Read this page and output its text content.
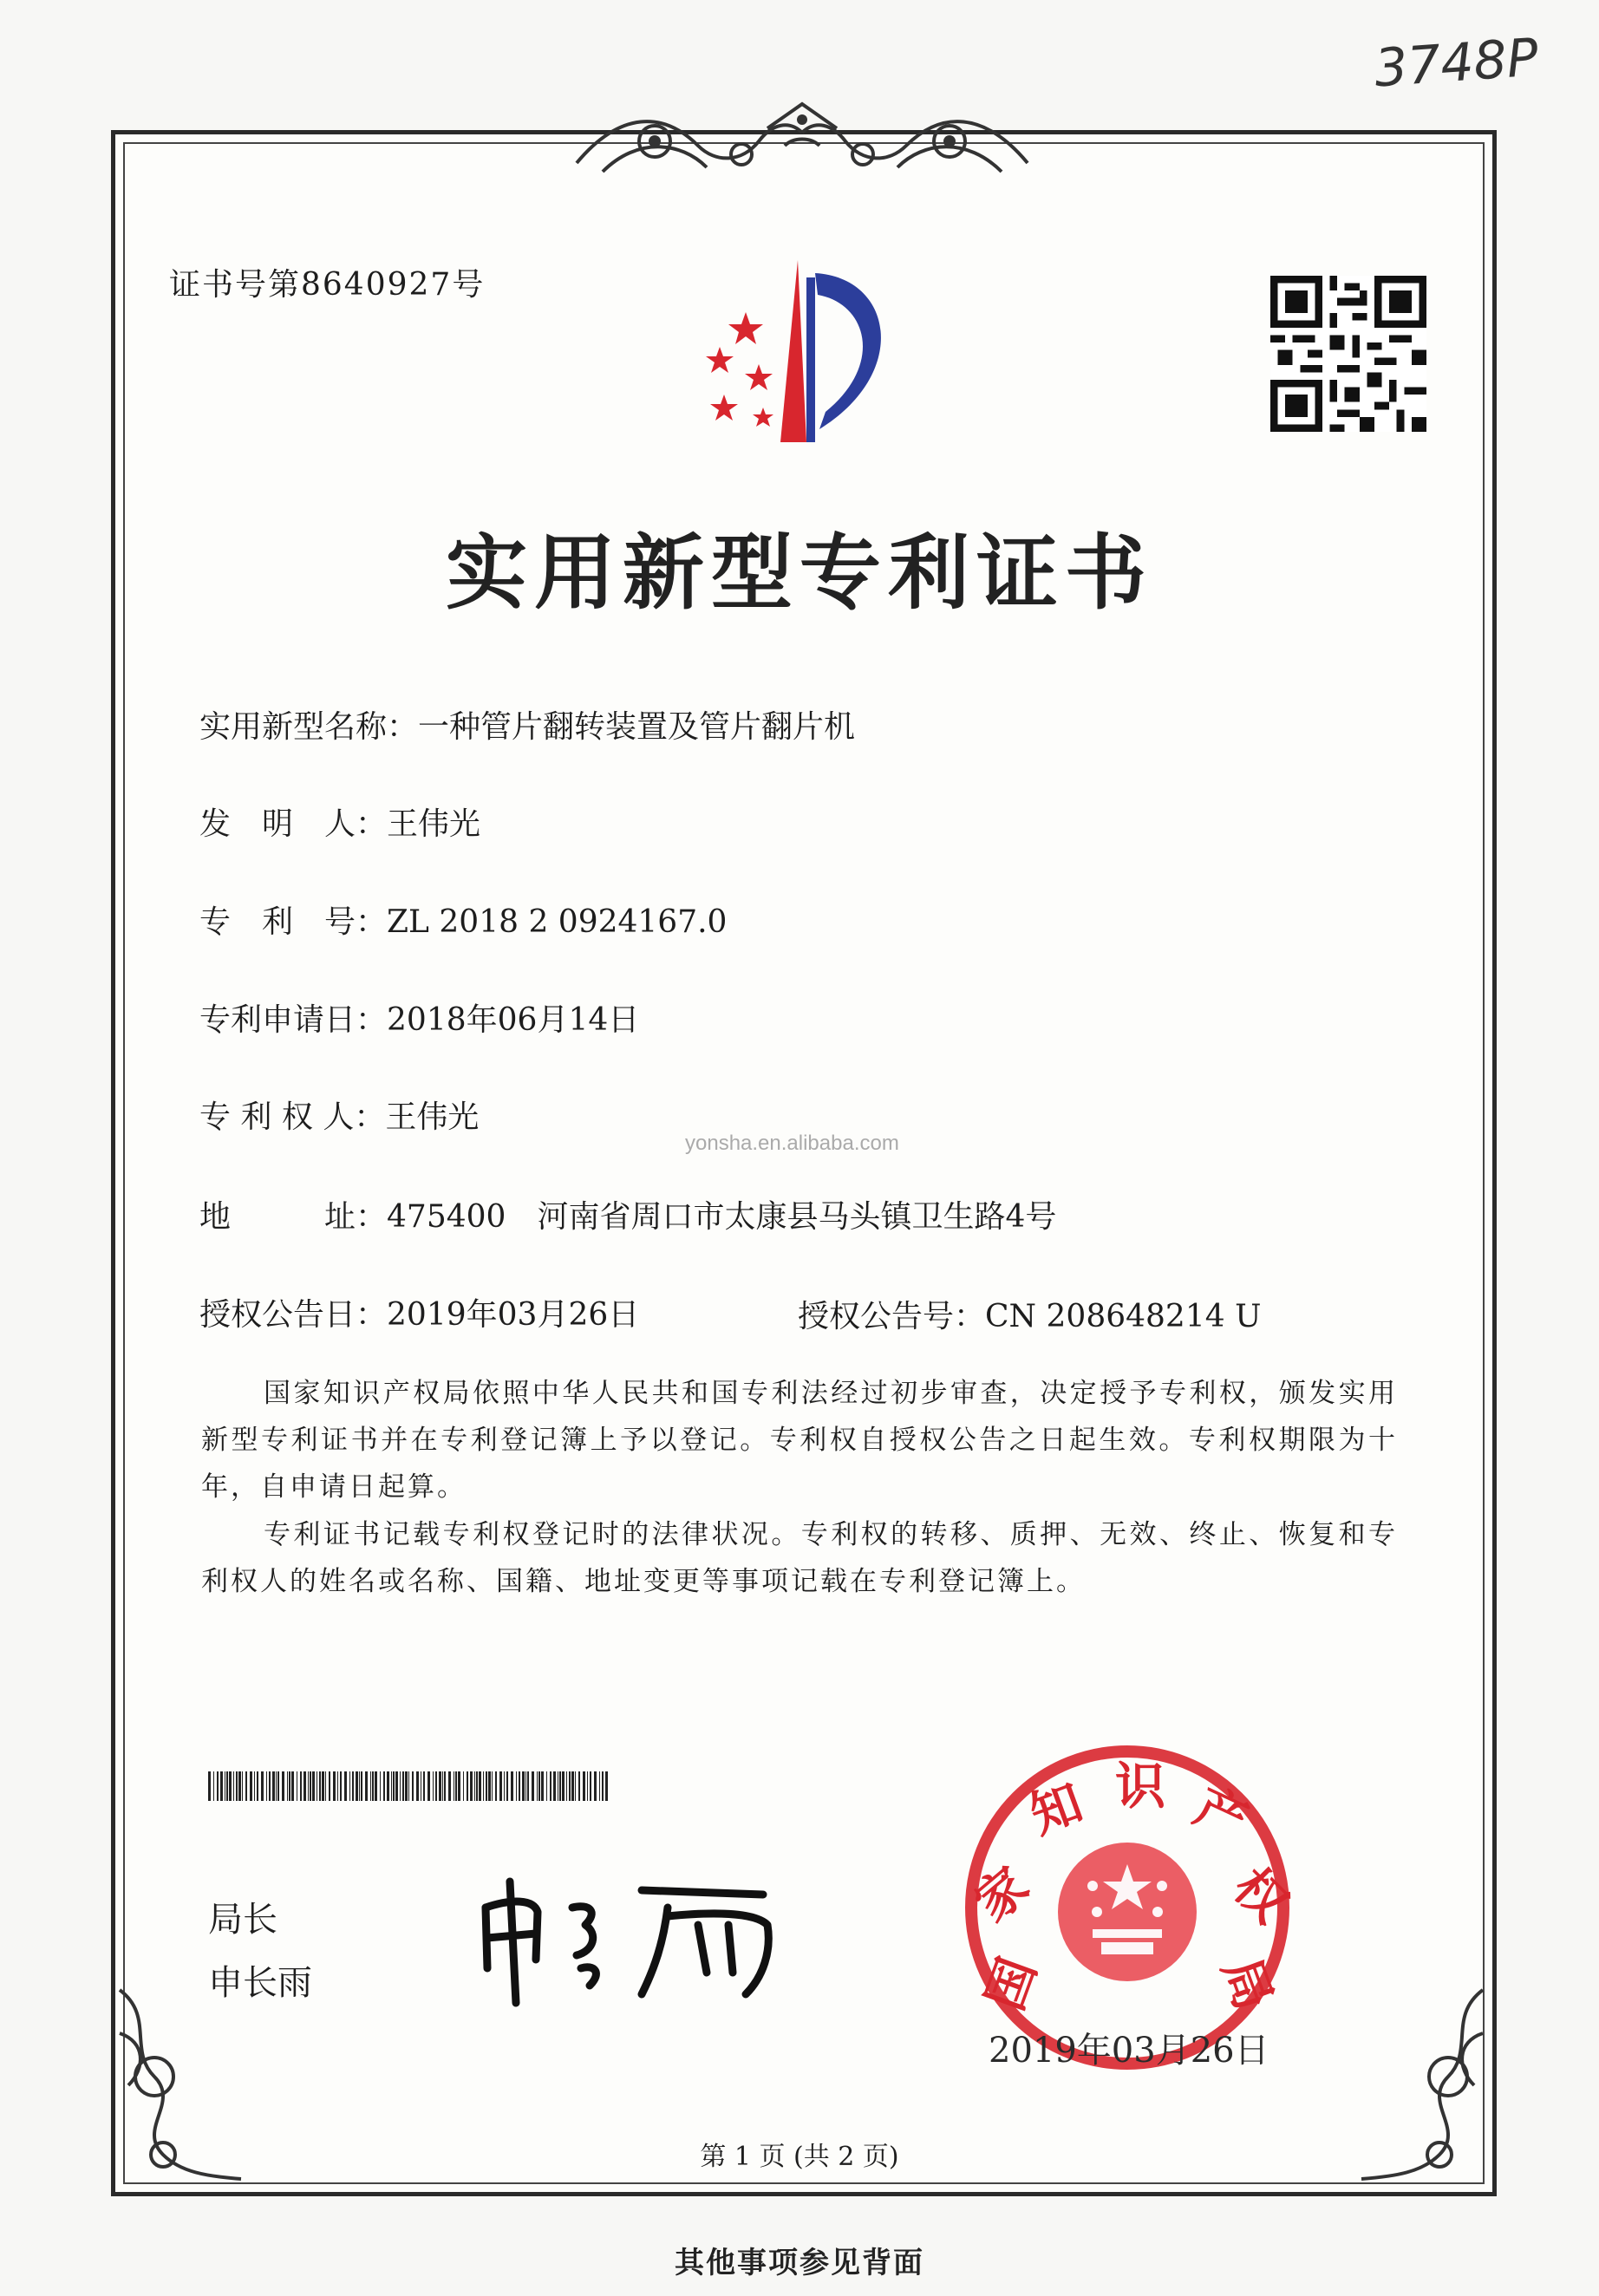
3748P
证书号第8640927号
实用新型专利证书
实用新型名称：一种管片翻转装置及管片翻片机
发　明　人：王伟光
专　利　号：ZL 2018 2 0924167.0
专利申请日：2018年06月14日
专 利 权 人：王伟光
地　　　址：475400　河南省周口市太康县马头镇卫生路4号
授权公告日：2019年03月26日	授权公告号：CN 208648214 U
yonsha.en.alibaba.com
国家知识产权局依照中华人民共和国专利法经过初步审查，决定授予专利权，颁发实用新型专利证书并在专利登记簿上予以登记。专利权自授权公告之日起生效。专利权期限为十年，自申请日起算。
专利证书记载专利权登记时的法律状况。专利权的转移、质押、无效、终止、恢复和专利权人的姓名或名称、国籍、地址变更等事项记载在专利登记簿上。
局长
申长雨	国
家
知 识 产
权
局
2019年03月26日
第 1 页 (共 2 页)
其他事项参见背面
